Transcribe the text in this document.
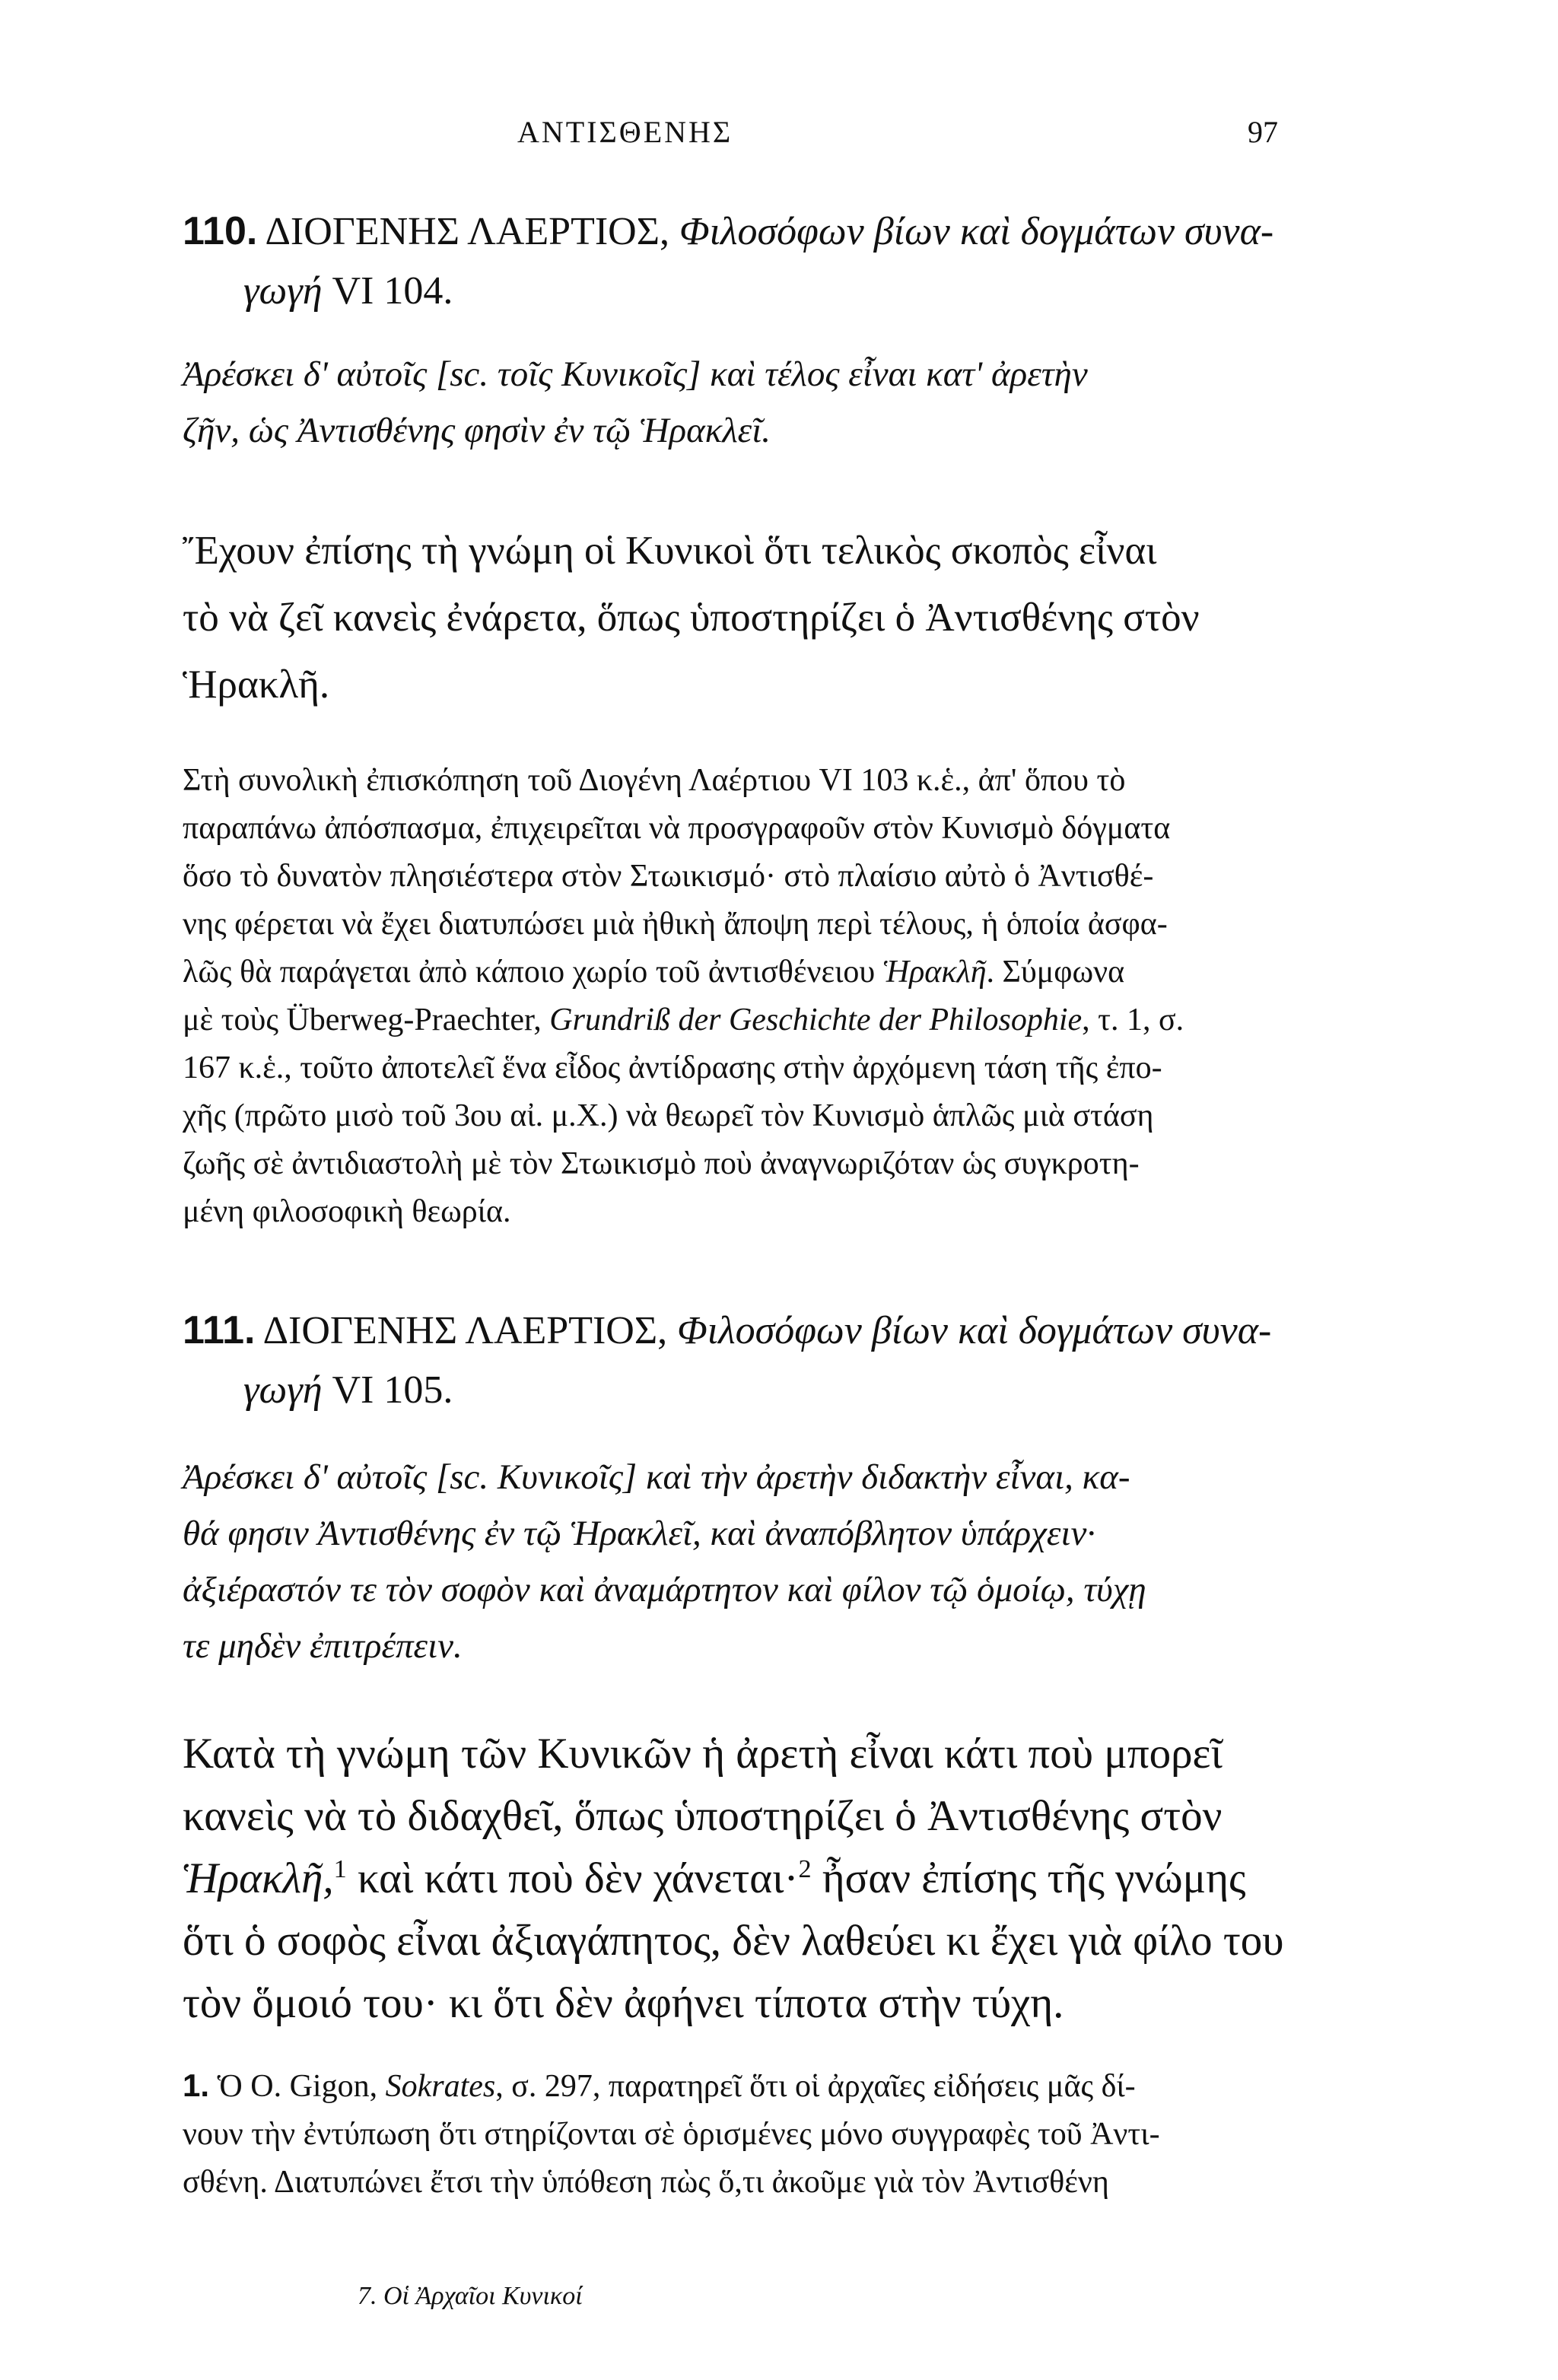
ΑΝΤΙΣΘΕΝΗΣ	97
110. ΔΙΟΓΕΝΗΣ ΛΑΕΡΤΙΟΣ, Φιλοσόφων βίων καὶ δογμάτων συνα-
γωγή VI 104.
Ἀρέσκει δ' αὐτοῖς [sc. τοῖς Κυνικοῖς] καὶ τέλος εἶναι κατ' ἀρετὴν
ζῆν, ὡς Ἀντισθένης φησὶν ἐν τῷ Ἡρακλεῖ.
Ἔχουν ἐπίσης τὴ γνώμη οἱ Κυνικοὶ ὅτι τελικὸς σκοπὸς εἶναι
τὸ νὰ ζεῖ κανεὶς ἐνάρετα, ὅπως ὑποστηρίζει ὁ Ἀντισθένης στὸν
Ἡρακλῆ.
Στὴ συνολικὴ ἐπισκόπηση τοῦ Διογένη Λαέρτιου VI 103 κ.ἑ., ἀπ' ὅπου τὸ
παραπάνω ἀπόσπασμα, ἐπιχειρεῖται νὰ προσγραφοῦν στὸν Κυνισμὸ δόγματα
ὅσο τὸ δυνατὸν πλησιέστερα στὸν Στωικισμό· στὸ πλαίσιο αὐτὸ ὁ Ἀντισθέ-
νης φέρεται νὰ ἔχει διατυπώσει μιὰ ἠθικὴ ἄποψη περὶ τέλους, ἡ ὁποία ἀσφα-
λῶς θὰ παράγεται ἀπὸ κάποιο χωρίο τοῦ ἀντισθένειου Ἡρακλῆ. Σύμφωνα
μὲ τοὺς Überweg-Praechter, Grundriß der Geschichte der Philosophie, τ. 1, σ.
167 κ.ἑ., τοῦτο ἀποτελεῖ ἕνα εἶδος ἀντίδρασης στὴν ἀρχόμενη τάση τῆς ἐπο-
χῆς (πρῶτο μισὸ τοῦ 3ου αἰ. μ.Χ.) νὰ θεωρεῖ τὸν Κυνισμὸ ἁπλῶς μιὰ στάση
ζωῆς σὲ ἀντιδιαστολὴ μὲ τὸν Στωικισμὸ ποὺ ἀναγνωριζόταν ὡς συγκροτη-
μένη φιλοσοφικὴ θεωρία.
111. ΔΙΟΓΕΝΗΣ ΛΑΕΡΤΙΟΣ, Φιλοσόφων βίων καὶ δογμάτων συνα-
γωγή VI 105.
Ἀρέσκει δ' αὐτοῖς [sc. Κυνικοῖς] καὶ τὴν ἀρετὴν διδακτὴν εἶναι, κα-
θά φησιν Ἀντισθένης ἐν τῷ Ἡρακλεῖ, καὶ ἀναπόβλητον ὑπάρχειν·
ἀξιέραστόν τε τὸν σοφὸν καὶ ἀναμάρτητον καὶ φίλον τῷ ὁμοίῳ, τύχῃ
τε μηδὲν ἐπιτρέπειν.
Κατὰ τὴ γνώμη τῶν Κυνικῶν ἡ ἀρετὴ εἶναι κάτι ποὺ μπορεῖ
κανεὶς νὰ τὸ διδαχθεῖ, ὅπως ὑποστηρίζει ὁ Ἀντισθένης στὸν
Ἡρακλῆ,$^1$ καὶ κάτι ποὺ δὲν χάνεται·$^2$ ἦσαν ἐπίσης τῆς γνώμης
ὅτι ὁ σοφὸς εἶναι ἀξιαγάπητος, δὲν λαθεύει κι ἔχει γιὰ φίλο του
τὸν ὅμοιό του· κι ὅτι δὲν ἀφήνει τίποτα στὴν τύχη.
1. Ὁ O. Gigon, Sokrates, σ. 297, παρατηρεῖ ὅτι οἱ ἀρχαῖες εἰδήσεις μᾶς δί-
νουν τὴν ἐντύπωση ὅτι στηρίζονται σὲ ὁρισμένες μόνο συγγραφὲς τοῦ Ἀντι-
σθένη. Διατυπώνει ἔτσι τὴν ὑπόθεση πὼς ὅ,τι ἀκοῦμε γιὰ τὸν Ἀντισθένη
7. Οἱ Ἀρχαῖοι Κυνικοί
